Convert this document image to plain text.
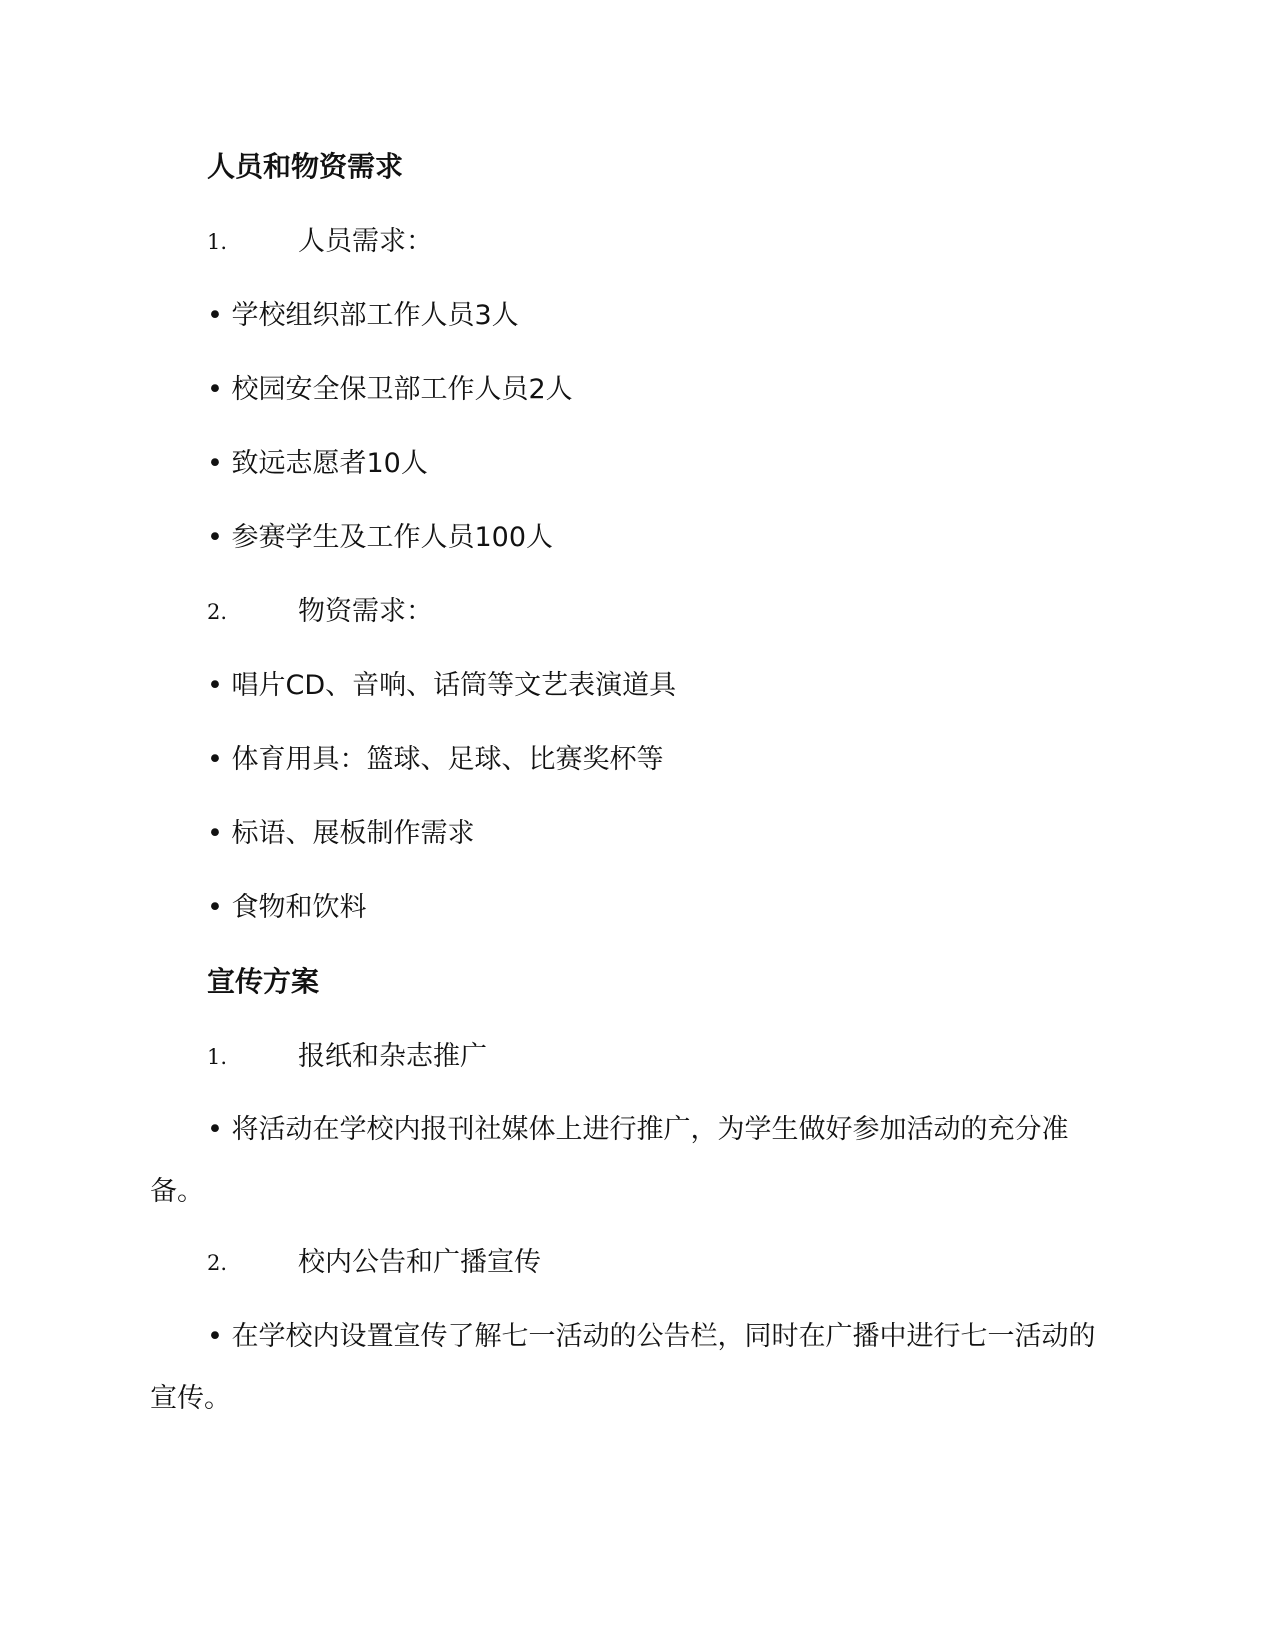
人员和物资需求
1.	人员需求：
• 学校组织部工作人员3人
• 校园安全保卫部工作人员2人
• 致远志愿者10人
• 参赛学生及工作人员100人
2.	物资需求：
• 唱片CD、音响、话筒等文艺表演道具
• 体育用具：篮球、足球、比赛奖杯等
• 标语、展板制作需求
• 食物和饮料
宣传方案
1.	报纸和杂志推广

• 将活动在学校内报刊社媒体上进行推广，为学生做好参加活动的充分准备。

2.	校内公告和广播宣传

• 在学校内设置宣传了解七一活动的公告栏，同时在广播中进行七一活动的宣传。
